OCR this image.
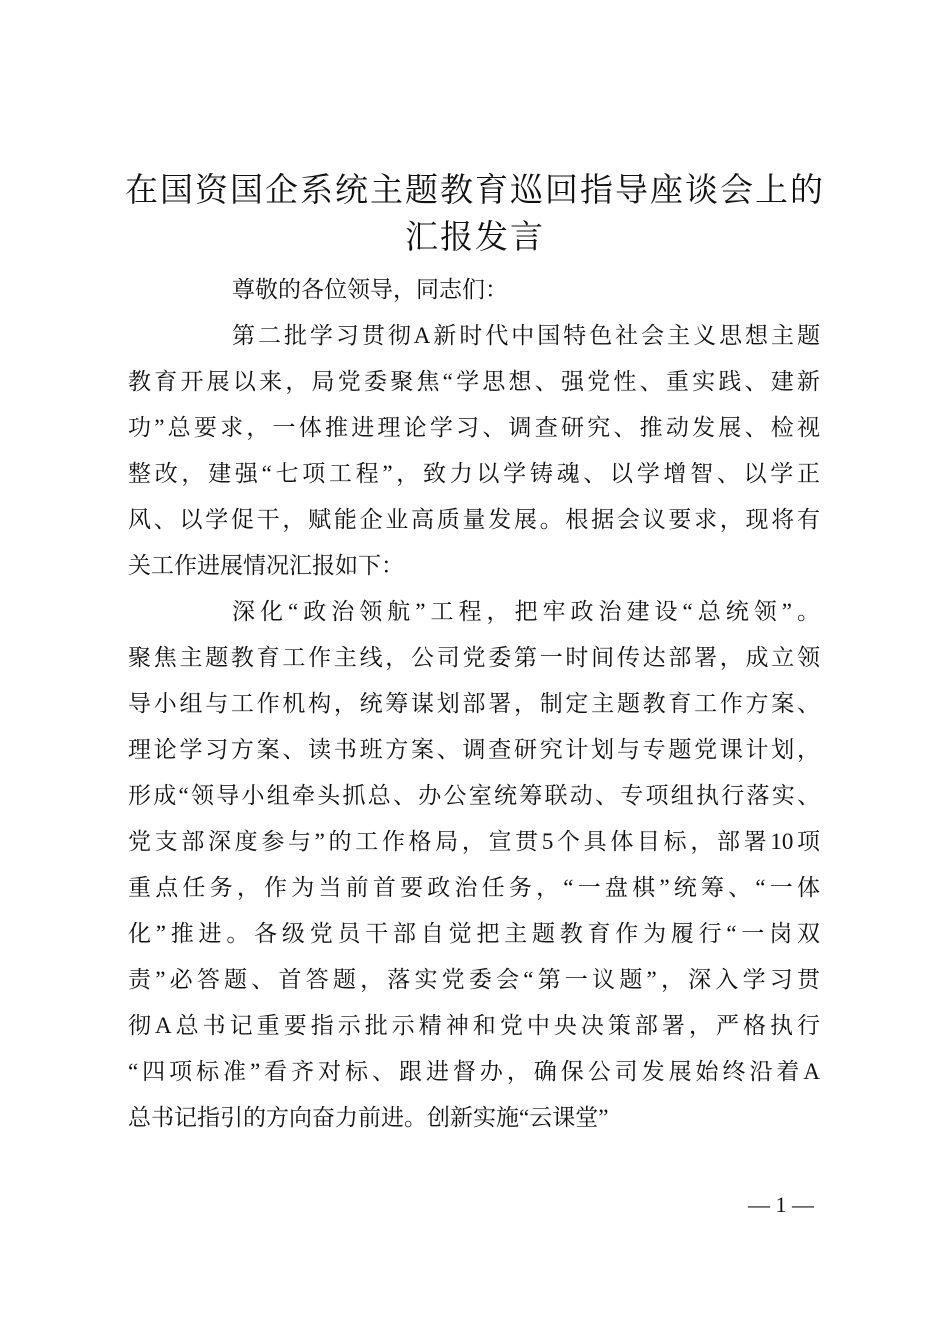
在国资国企系统主题教育巡回指导座谈会上的
汇报发言
尊敬的各位领导，同志们：
第二批学习贯彻A新时代中国特色社会主义思想主题
教育开展以来，局党委聚焦“学思想、强党性、重实践、建新
功”总要求，一体推进理论学习、调查研究、推动发展、检视
整改，建强“七项工程”，致力以学铸魂、以学增智、以学正
风、以学促干，赋能企业高质量发展。根据会议要求，现将有
关工作进展情况汇报如下：
深化“政治领航”工程，把牢政治建设“总统领”。
聚焦主题教育工作主线，公司党委第一时间传达部署，成立领
导小组与工作机构，统筹谋划部署，制定主题教育工作方案、
理论学习方案、读书班方案、调查研究计划与专题党课计划，
形成“领导小组牵头抓总、办公室统筹联动、专项组执行落实、
党支部深度参与”的工作格局，宣贯5个具体目标，部署10项
重点任务，作为当前首要政治任务，“一盘棋”统筹、“一体
化”推进。各级党员干部自觉把主题教育作为履行“一岗双
责”必答题、首答题，落实党委会“第一议题”，深入学习贯
彻A总书记重要指示批示精神和党中央决策部署，严格执行
“四项标准”看齐对标、跟进督办，确保公司发展始终沿着A
总书记指引的方向奋力前进。创新实施“云课堂”
— 1 —
